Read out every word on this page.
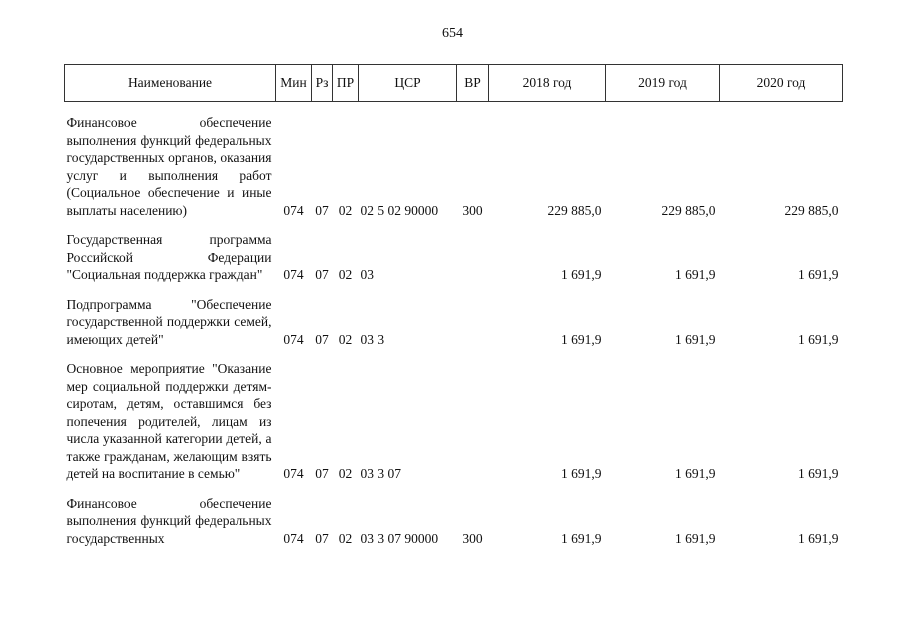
654
Наименование	Мин	Рз	ПР	ЦСР	ВР	2018 год	2019 год	2020 год

Финансовое обеспечение выполнения функций федеральных государственных органов, оказания услуг и выполнения работ (Социальное обеспечение и иные выплаты населению)	074	07	02	02 5 02 90000	300	229 885,0	229 885,0	229 885,0

Государственная программа Российской Федерации "Социальная поддержка граждан"	074	07	02	03		1 691,9	1 691,9	1 691,9

Подпрограмма "Обеспечение государственной поддержки семей, имеющих детей"	074	07	02	03 3		1 691,9	1 691,9	1 691,9

Основное мероприятие "Оказание мер социальной поддержки детям-сиротам, детям, оставшимся без попечения родителей, лицам из числа указанной категории детей, а также гражданам, желающим взять детей на воспитание в семью"	074	07	02	03 3 07		1 691,9	1 691,9	1 691,9

Финансовое обеспечение выполнения функций федеральных государственных	074	07	02	03 3 07 90000	300	1 691,9	1 691,9	1 691,9
